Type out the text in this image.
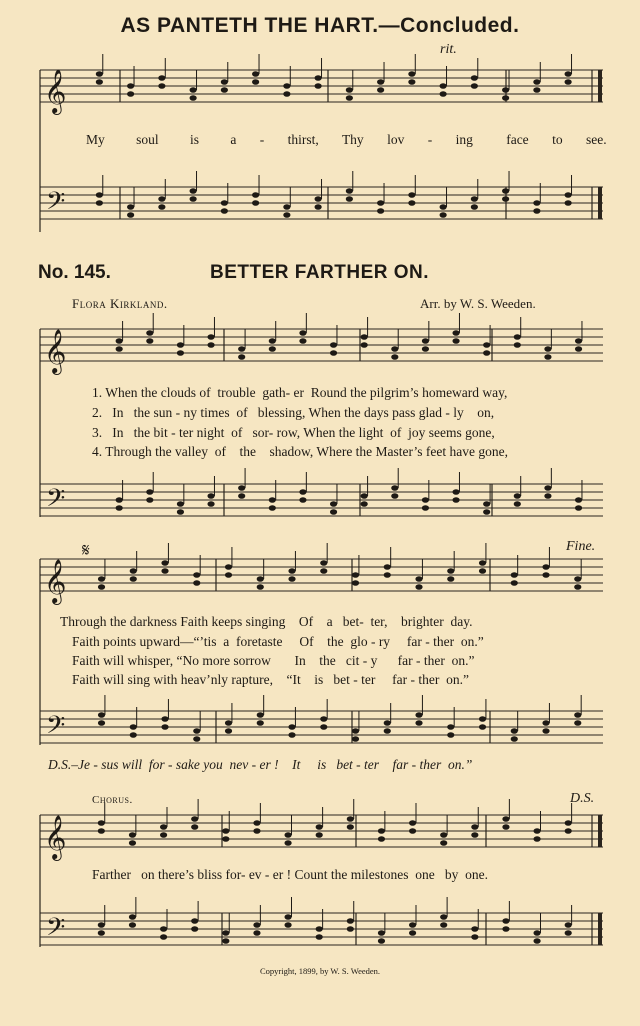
AS PANTETH THE HART.—Concluded.
rit.
𝄞
𝄢
𝄞
𝄢
𝄞
𝄢
𝄞
𝄢
My soul is a - thirst, Thy lov - ing face to see.
No. 145.	BETTER FARTHER ON.
Flora Kirkland.	Arr. by W. S. Weeden.
1. When the clouds of  trouble  gath- er  Round the pilgrim’s homeward way,
2.   In   the sun - ny times  of   blessing, When the days pass glad - ly    on,
3.   In   the bit - ter night  of   sor- row, When the light  of  joy seems gone,
4. Through the valley  of    the    shadow, Where the Master’s feet have gone,
𝄋	Fine.
Through the darkness Faith keeps singing    Of    a   bet-  ter,    brighter  day.
Faith points upward—“’tis  a  foretaste     Of    the  glo - ry     far - ther  on.”
Faith will whisper, “No more sorrow       In    the   cit - y      far - ther  on.”
Faith will sing with heav’nly rapture,    “It    is   bet - ter     far - ther  on.”
D.S.–Je - sus will  for - sake you  nev - er !    It     is   bet - ter    far - ther  on.”
Chorus.	D.S.
Farther   on there’s bliss for- ev - er ! Count the milestones  one   by  one.
Copyright, 1899, by W. S. Weeden.
